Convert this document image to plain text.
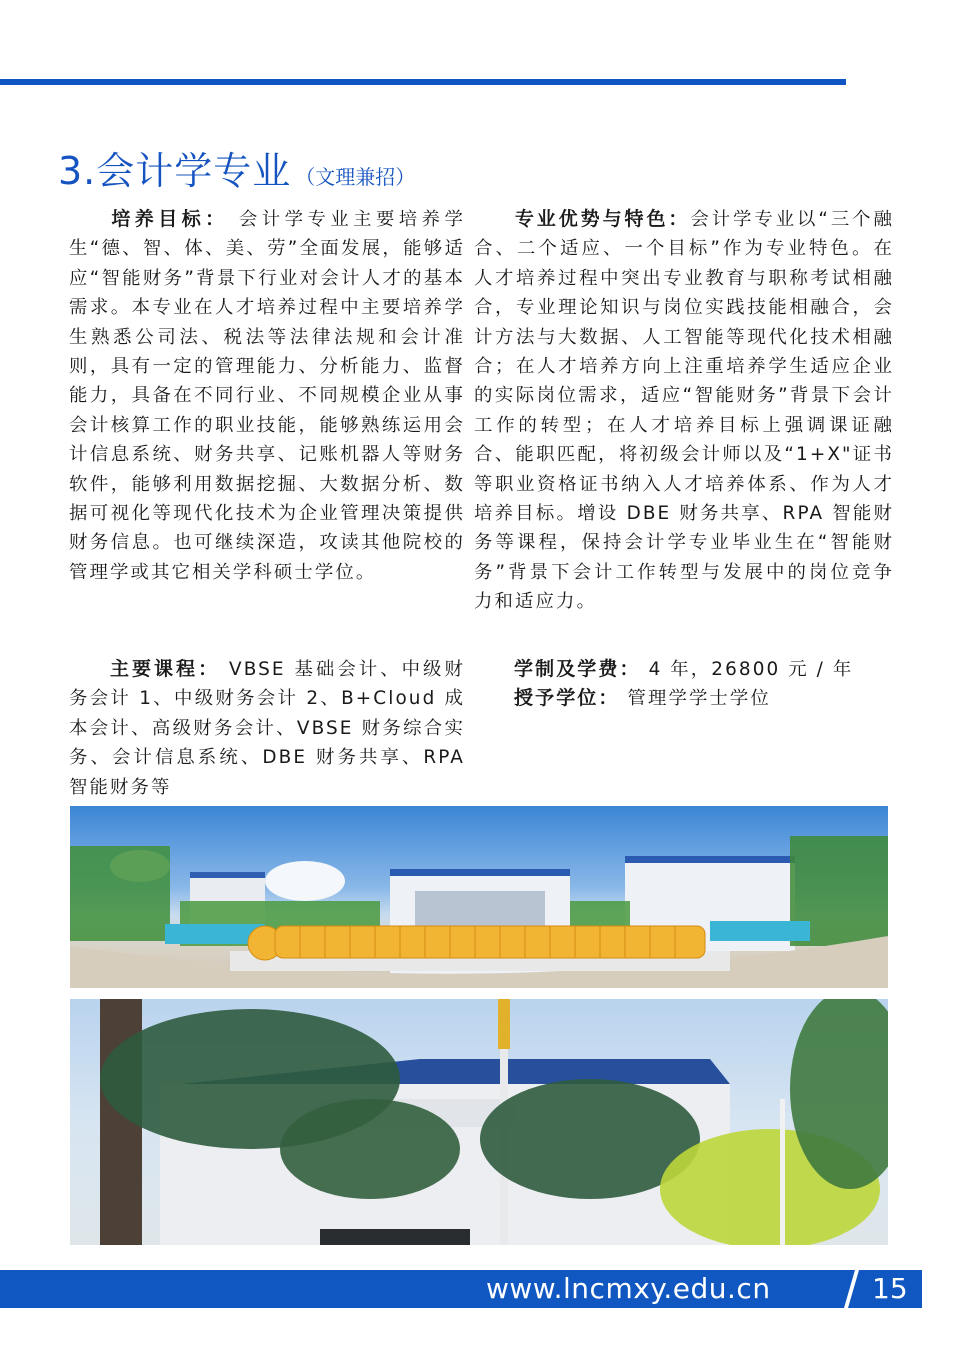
3.会计学专业 （文理兼招）

培养目标： 会计学专业主要培养学生“德、智、体、美、劳”全面发展，能够适应“智能财务”背景下行业对会计人才的基本需求。本专业在人才培养过程中主要培养学生熟悉公司法、税法等法律法规和会计准则，具有一定的管理能力、分析能力、监督能力，具备在不同行业、不同规模企业从事会计核算工作的职业技能，能够熟练运用会计信息系统、财务共享、记账机器人等财务软件，能够利用数据挖掘、大数据分析、数据可视化等现代化技术为企业管理决策提供财务信息。也可继续深造，攻读其他院校的管理学或其它相关学科硕士学位。

主要课程： VBSE 基础会计、中级财务会计 1、中级财务会计 2、B+Cloud 成本会计、高级财务会计、VBSE 财务综合实务、会计信息系统、DBE 财务共享、RPA 智能财务等

专业优势与特色：会计学专业以“三个融合、二个适应、一个目标”作为专业特色。在人才培养过程中突出专业教育与职称考试相融合，专业理论知识与岗位实践技能相融合，会计方法与大数据、人工智能等现代化技术相融合；在人才培养方向上注重培养学生适应企业的实际岗位需求，适应“智能财务”背景下会计工作的转型；在人才培养目标上强调课证融合、能职匹配，将初级会计师以及“1+X"证书等职业资格证书纳入人才培养体系、作为人才培养目标。增设 DBE 财务共享、RPA 智能财务等课程，保持会计学专业毕业生在“智能财务”背景下会计工作转型与发展中的岗位竞争力和适应力。

学制及学费： 4 年，26800 元 / 年
授予学位： 管理学学士学位
www.lncmxy.edu.cn	15
